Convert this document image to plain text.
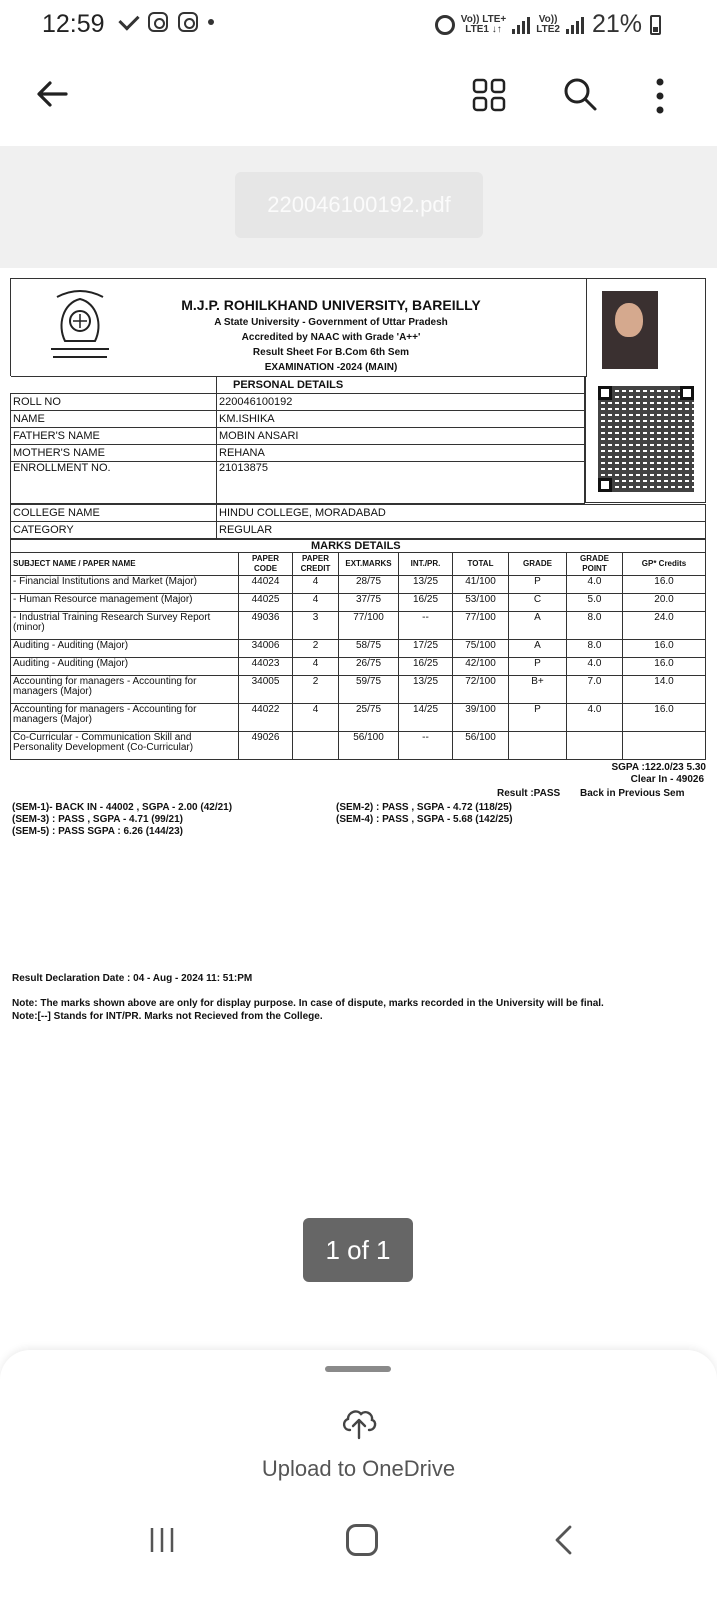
12:59	Vo)) LTE+
LTE1 ↓↑
Vo))
LTE2 21%
220046100192.pdf
M.J.P. ROHILKHAND UNIVERSITY, BAREILLY
A State University - Government of Uttar Pradesh
Accredited by NAAC with Grade 'A++'
Result Sheet For B.Com 6th Sem
EXAMINATION -2024 (MAIN)
	PERSONAL DETAILS
ROLL NO	220046100192
NAME	KM.ISHIKA
FATHER'S NAME	MOBIN ANSARI
MOTHER'S NAME	REHANA
ENROLLMENT NO.	21013875
COLLEGE NAME	HINDU COLLEGE, MORADABAD
CATEGORY	REGULAR
MARKS DETAILS								
SUBJECT NAME / PAPER NAME	PAPER CODE	PAPER CREDIT	EXT.MARKS	INT./PR.	TOTAL	GRADE	GRADE POINT	GP* Credits
- Financial Institutions and Market (Major)	44024	4	28/75	13/25	41/100	P	4.0	16.0
- Human Resource management (Major)	44025	4	37/75	16/25	53/100	C	5.0	20.0
- Industrial Training Research Survey Report (minor)	49036	3	77/100	--	77/100	A	8.0	24.0
Auditing - Auditing (Major)	34006	2	58/75	17/25	75/100	A	8.0	16.0
Auditing - Auditing (Major)	44023	4	26/75	16/25	42/100	P	4.0	16.0
Accounting for managers - Accounting for managers (Major)	34005	2	59/75	13/25	72/100	B+	7.0	14.0
Accounting for managers - Accounting for managers (Major)	44022	4	25/75	14/25	39/100	P	4.0	16.0
Co-Curricular - Communication Skill and Personality Development (Co-Curricular)	49026		56/100	--	56/100			
SGPA :122.0/23 5.30
Clear In - 49026
Result :PASS Back in Previous Sem
(SEM-1)- BACK IN - 44002 , SGPA - 2.00 (42/21)
(SEM-3) : PASS , SGPA - 4.71 (99/21)
(SEM-5) : PASS SGPA : 6.26 (144/23)
(SEM-2) : PASS , SGPA - 4.72 (118/25)
(SEM-4) : PASS , SGPA - 5.68 (142/25)
Result Declaration Date : 04 - Aug - 2024 11: 51:PM
Note: The marks shown above are only for display purpose. In case of dispute, marks recorded in the University will be final.
Note:[--] Stands for INT/PR. Marks not Recieved from the College.
1 of 1
Upload to OneDrive
